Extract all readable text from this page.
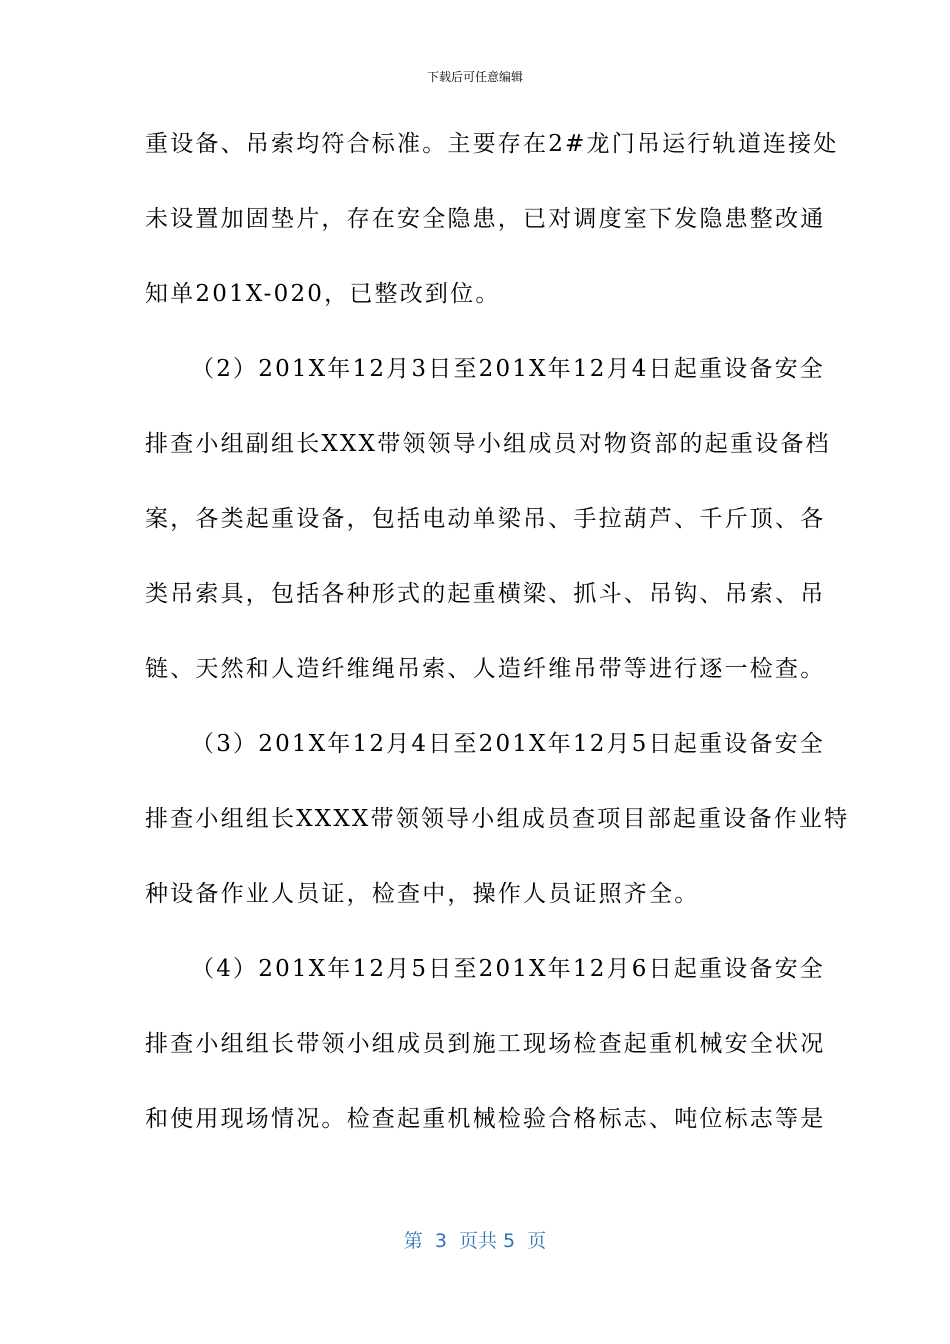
下载后可任意编辑
重设备、吊索均符合标准。主要存在2#龙门吊运行轨道连接处
未设置加固垫片，存在安全隐患，已对调度室下发隐患整改通
知单201X-020，已整改到位。
（2）201X年12月3日至201X年12月4日起重设备安全
排查小组副组长XXX带领领导小组成员对物资部的起重设备档
案，各类起重设备，包括电动单梁吊、手拉葫芦、千斤顶、各
类吊索具，包括各种形式的起重横梁、抓斗、吊钩、吊索、吊
链、天然和人造纤维绳吊索、人造纤维吊带等进行逐一检查。
（3）201X年12月4日至201X年12月5日起重设备安全
排查小组组长XXXX带领领导小组成员查项目部起重设备作业特
种设备作业人员证，检查中，操作人员证照齐全。
（4）201X年12月5日至201X年12月6日起重设备安全
排查小组组长带领小组成员到施工现场检查起重机械安全状况
和使用现场情况。检查起重机械检验合格标志、吨位标志等是
第  3  页共 5  页
